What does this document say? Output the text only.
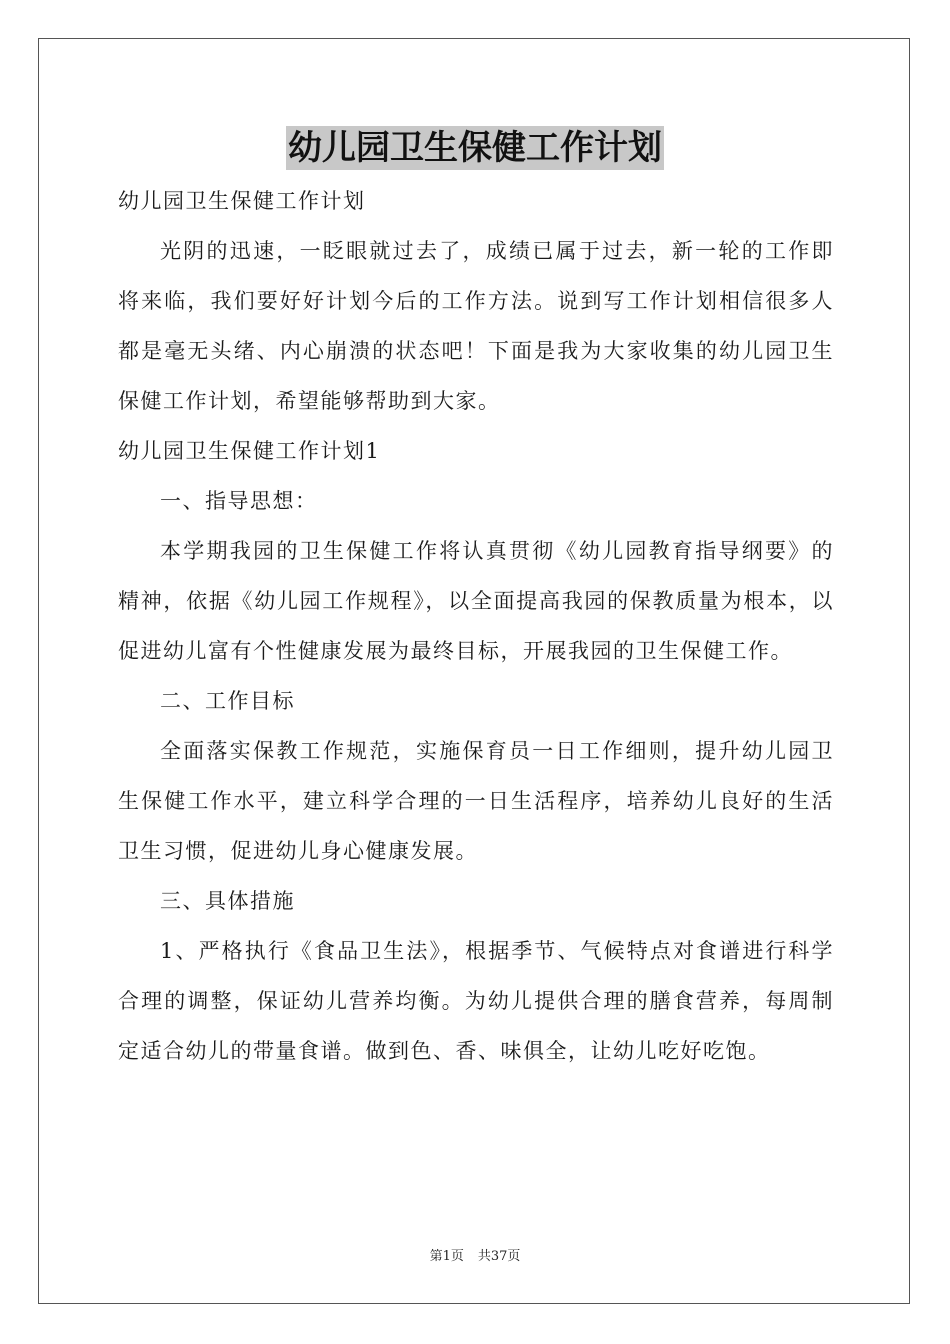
幼儿园卫生保健工作计划

幼儿园卫生保健工作计划

光阴的迅速，一眨眼就过去了，成绩已属于过去，新一轮的工作即将来临，我们要好好计划今后的工作方法。说到写工作计划相信很多人都是毫无头绪、内心崩溃的状态吧！下面是我为大家收集的幼儿园卫生保健工作计划，希望能够帮助到大家。

幼儿园卫生保健工作计划1

一、指导思想：

本学期我园的卫生保健工作将认真贯彻《幼儿园教育指导纲要》的精神，依据《幼儿园工作规程》，以全面提高我园的保教质量为根本，以促进幼儿富有个性健康发展为最终目标，开展我园的卫生保健工作。

二、工作目标

全面落实保教工作规范，实施保育员一日工作细则，提升幼儿园卫生保健工作水平，建立科学合理的一日生活程序，培养幼儿良好的生活卫生习惯，促进幼儿身心健康发展。

三、具体措施

1、严格执行《食品卫生法》，根据季节、气候特点对食谱进行科学合理的调整，保证幼儿营养均衡。为幼儿提供合理的膳食营养，每周制定适合幼儿的带量食谱。做到色、香、味俱全，让幼儿吃好吃饱。

第1页 共37页
